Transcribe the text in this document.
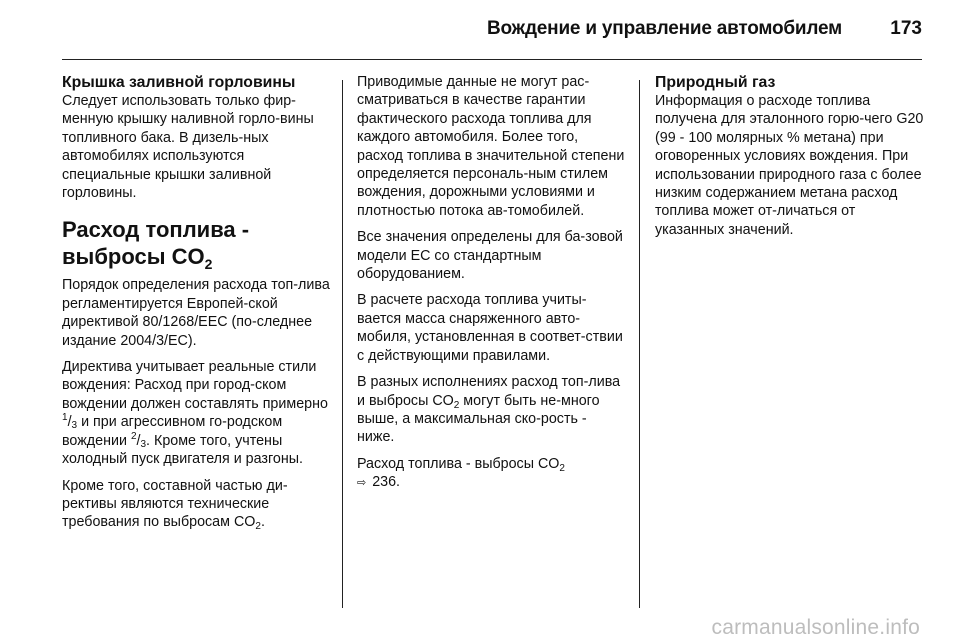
Вождение и управление автомобилем	173
Крышка заливной горловины

Следует использовать только фир‐менную крышку наливной горло‐вины топливного бака. В дизель‐ных автомобилях используются специальные крышки заливной горловины.

Расход топлива - выбросы $CO_2$

Порядок определения расхода топ‐лива регламентируется Европей‐ской директивой 80/1268/EEC (по‐следнее издание 2004/3/EC).

Директива учитывает реальные стили вождения: Расход при город‐ском вождении должен составлять примерно $^1/_3$ и при агрессивном го‐родском вождении $^2/_3$. Кроме того, учтены холодный пуск двигателя и разгоны.

Кроме того, составной частью ди‐рективы являются технические требования по выбросам $CO_2$.

Приводимые данные не могут рас‐сматриваться в качестве гарантии фактического расхода топлива для каждого автомобиля. Более того, расход топлива в значительной степени определяется персональ‐ным стилем вождения, дорожными условиями и плотностью потока ав‐томобилей.

Все значения определены для ба‐зовой модели ЕС со стандартным оборудованием.

В расчете расхода топлива учиты‐вается масса снаряженного авто‐мобиля, установленная в соответ‐ствии с действующими правилами.

В разных исполнениях расход топ‐лива и выбросы $CO_2$ могут быть не‐много выше, а максимальная ско‐рость - ниже.

Расход топлива - выбросы $CO_2$
⇨ 236.

Природный газ

Информация о расходе топлива получена для эталонного горю‐чего G20 (99 - 100 молярных % метана) при оговоренных условиях вождения. При использовании природного газа с более низким содержанием метана расход топлива может от‐личаться от указанных значений.

carmanualsonline.info
